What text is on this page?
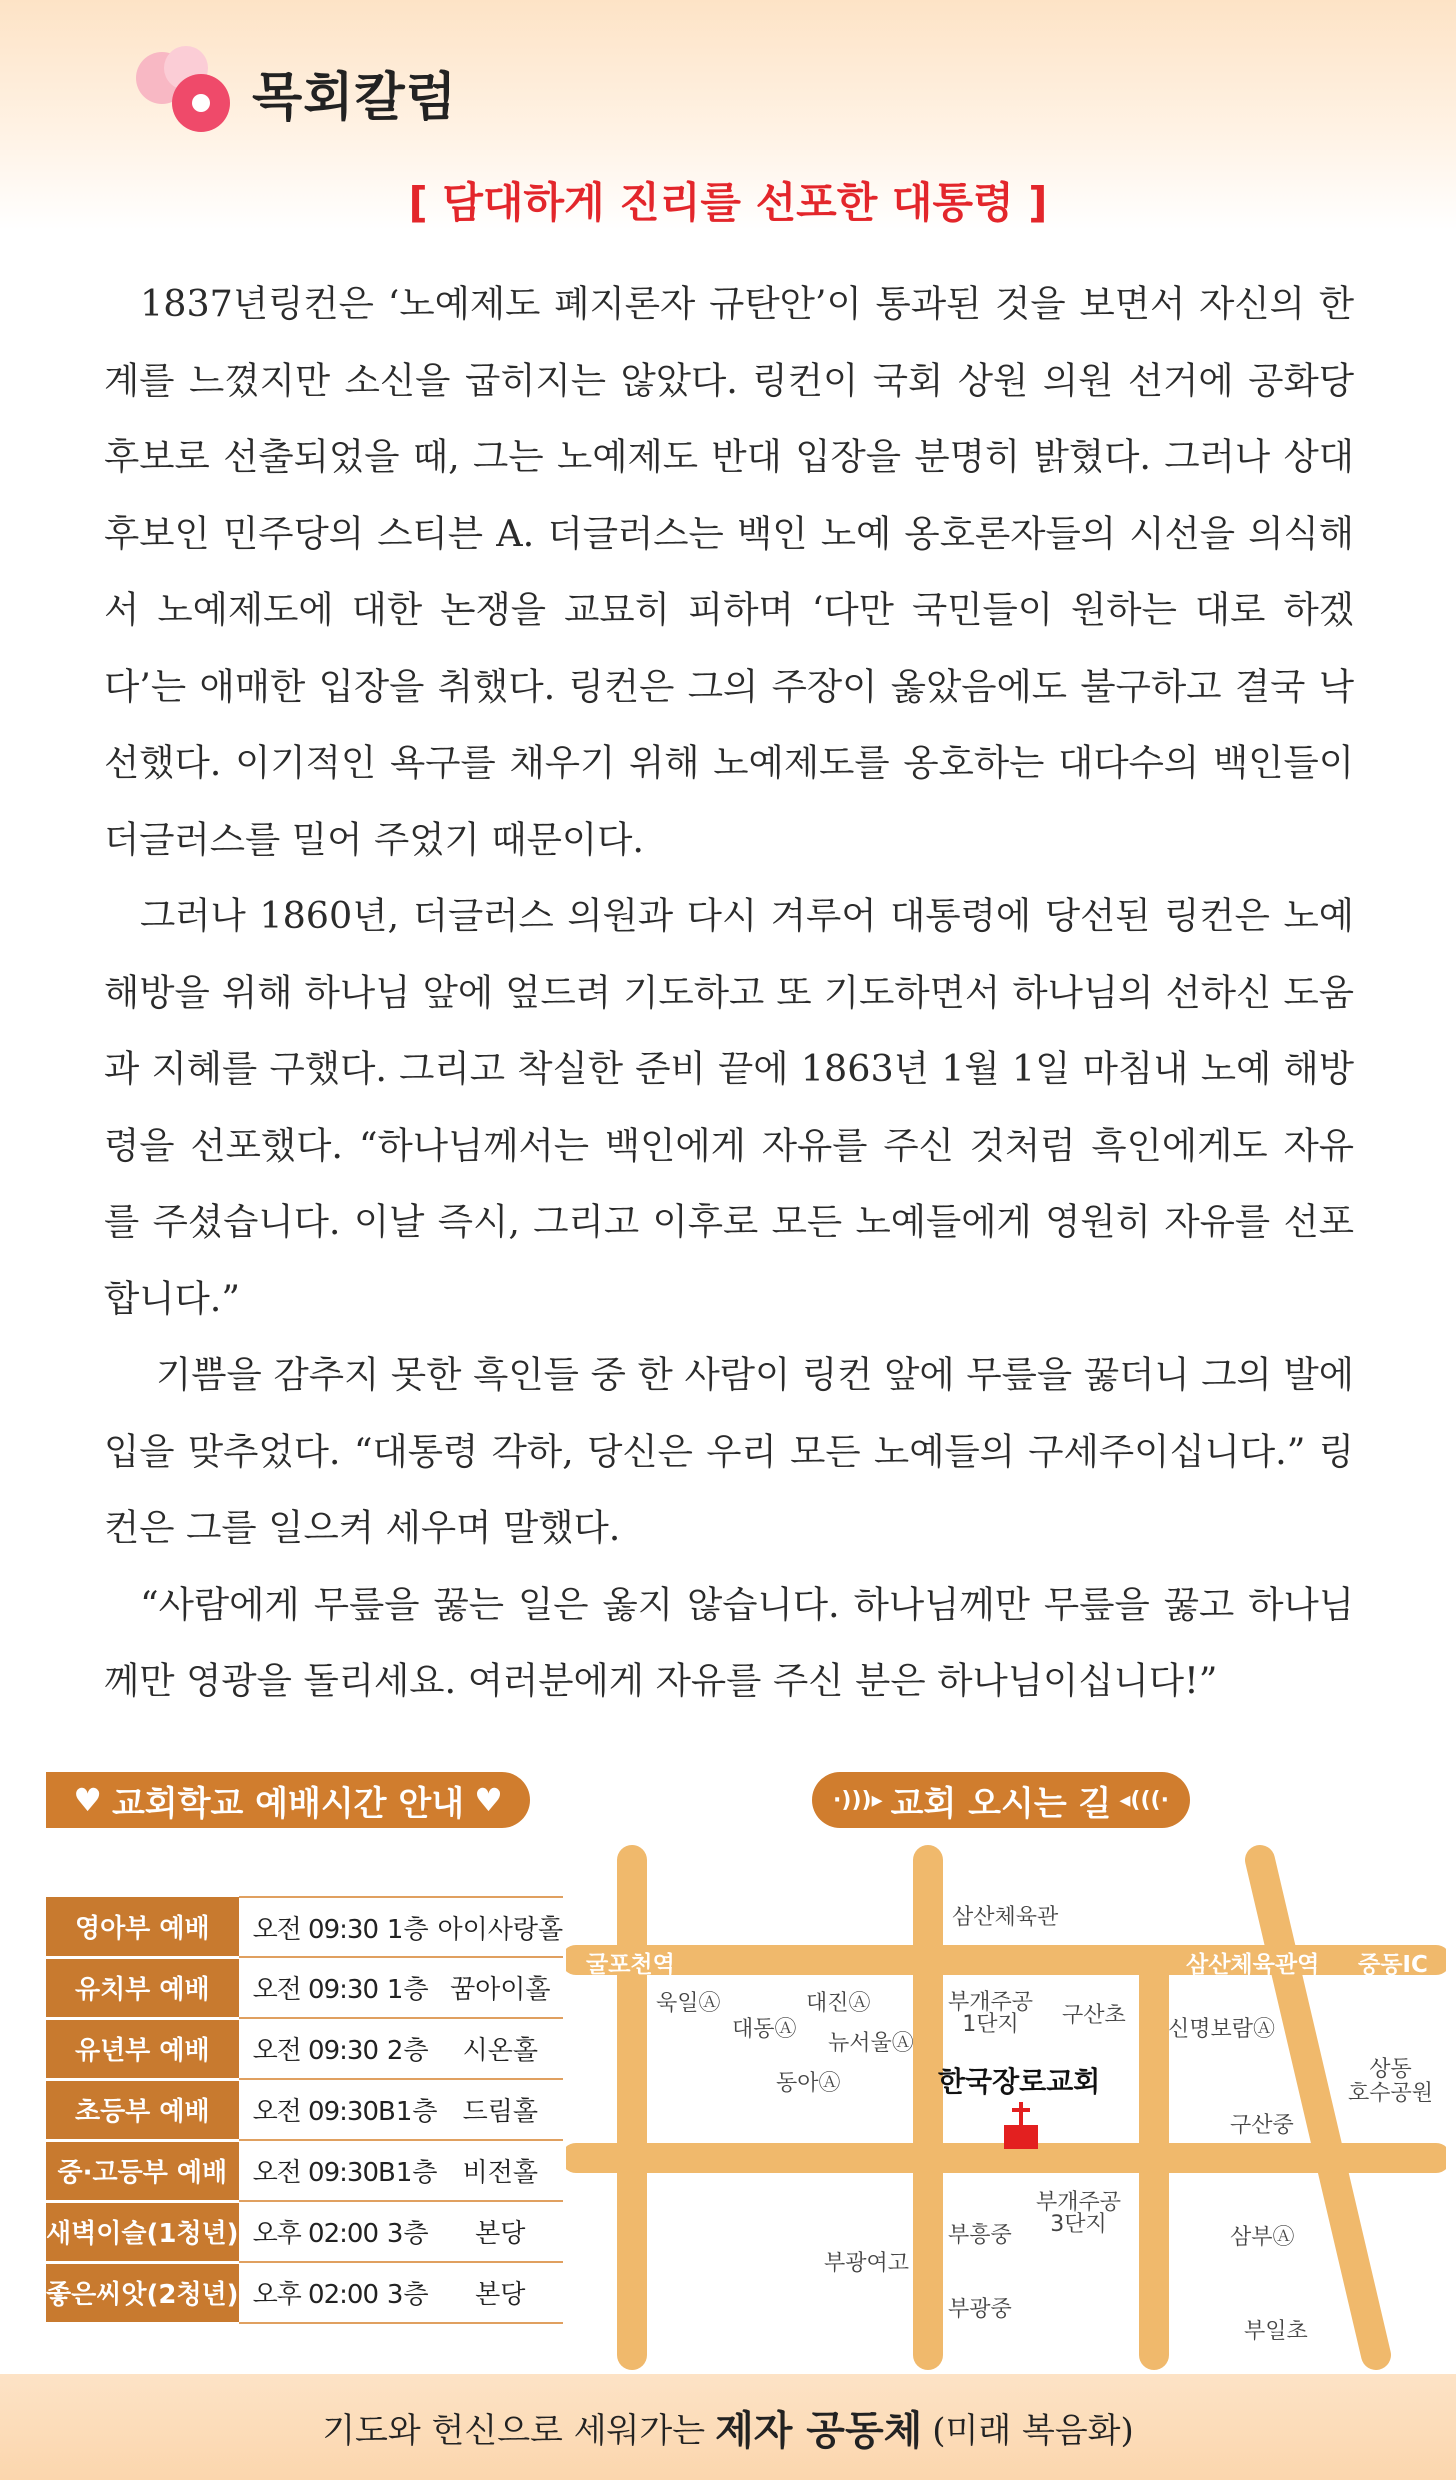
목회칼럼
[ 담대하게 진리를 선포한 대통령 ]

1837년링컨은 ‘노예제도 폐지론자 규탄안’이 통과된 것을 보면서 자신의 한계를 느꼈지만 소신을 굽히지는 않았다. 링컨이 국회 상원 의원 선거에 공화당 후보로 선출되었을 때, 그는 노예제도 반대 입장을 분명히 밝혔다. 그러나 상대 후보인 민주당의 스티븐 A. 더글러스는 백인 노예 옹호론자들의 시선을 의식해서 노예제도에 대한 논쟁을 교묘히 피하며 ‘다만 국민들이 원하는 대로 하겠다’는 애매한 입장을 취했다. 링컨은 그의 주장이 옳았음에도 불구하고 결국 낙선했다. 이기적인 욕구를 채우기 위해 노예제도를 옹호하는 대다수의 백인들이 더글러스를 밀어 주었기 때문이다.

그러나 1860년, 더글러스 의원과 다시 겨루어 대통령에 당선된 링컨은 노예 해방을 위해 하나님 앞에 엎드려 기도하고 또 기도하면서 하나님의 선하신 도움과 지혜를 구했다. 그리고 착실한 준비 끝에 1863년 1월 1일 마침내 노예 해방령을 선포했다. “하나님께서는 백인에게 자유를 주신 것처럼 흑인에게도 자유를 주셨습니다. 이날 즉시, 그리고 이후로 모든 노예들에게 영원히 자유를 선포합니다.”

기쁨을 감추지 못한 흑인들 중 한 사람이 링컨 앞에 무릎을 꿇더니 그의 발에 입을 맞추었다. “대통령 각하, 당신은 우리 모든 노예들의 구세주이십니다.” 링컨은 그를 일으켜 세우며 말했다.

“사람에게 무릎을 꿇는 일은 옳지 않습니다. 하나님께만 무릎을 꿇고 하나님께만 영광을 돌리세요. 여러분에게 자유를 주신 분은 하나님이십니다!”

♥ 교회학교 예배시간 안내 ♥
영아부 예배	오전 09:30	1층	아이사랑홀
유치부 예배	오전 09:30	1층	꿈아이홀
유년부 예배	오전 09:30	2층	시온홀
초등부 예배	오전 09:30	B1층	드림홀
중·고등부 예배	오전 09:30	B1층	비전홀
새벽이슬(1청년)	오후 02:00	3층	본당
좋은씨앗(2청년)	오후 02:00	3층	본당
·)))▸ 교회 오시는 길 ◂(((·
삼산체육관
굴포천역	삼산체육관역 중동IC
욱일Ⓐ
대동Ⓐ
대진Ⓐ
뉴서울Ⓐ
동아Ⓐ
부개주공
1단지	구산초
신명보람Ⓐ
상동
호수공원
구산중
한국장로교회
부개주공
3단지
부흥중	삼부Ⓐ
부광여고
부광중
부일초
기도와 헌신으로 세워가는 제자 공동체 (미래 복음화)
